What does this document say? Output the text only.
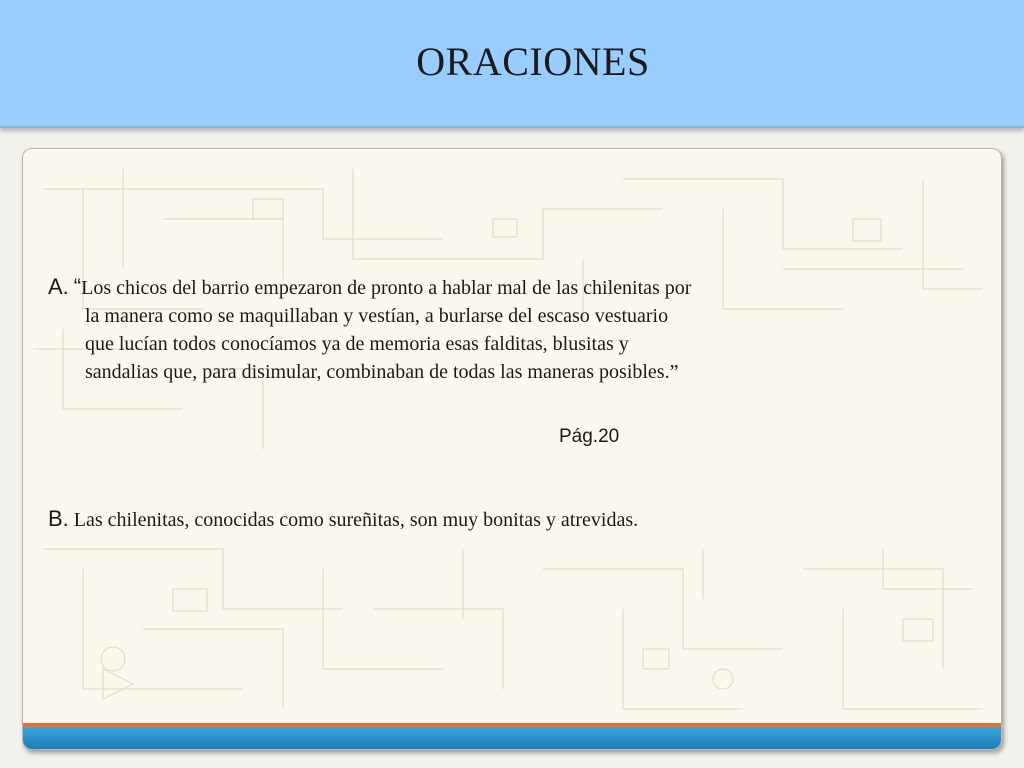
ORACIONES
A. “Los chicos del barrio empezaron de pronto a hablar mal de las chilenitas por
la manera como se maquillaban y vestían, a burlarse del escaso vestuario
que lucían todos conocíamos ya de memoria esas falditas, blusitas y
sandalias que, para disimular, combinaban de todas las maneras posibles.”
Pág.20
B. Las chilenitas, conocidas como sureñitas, son muy bonitas y atrevidas.
